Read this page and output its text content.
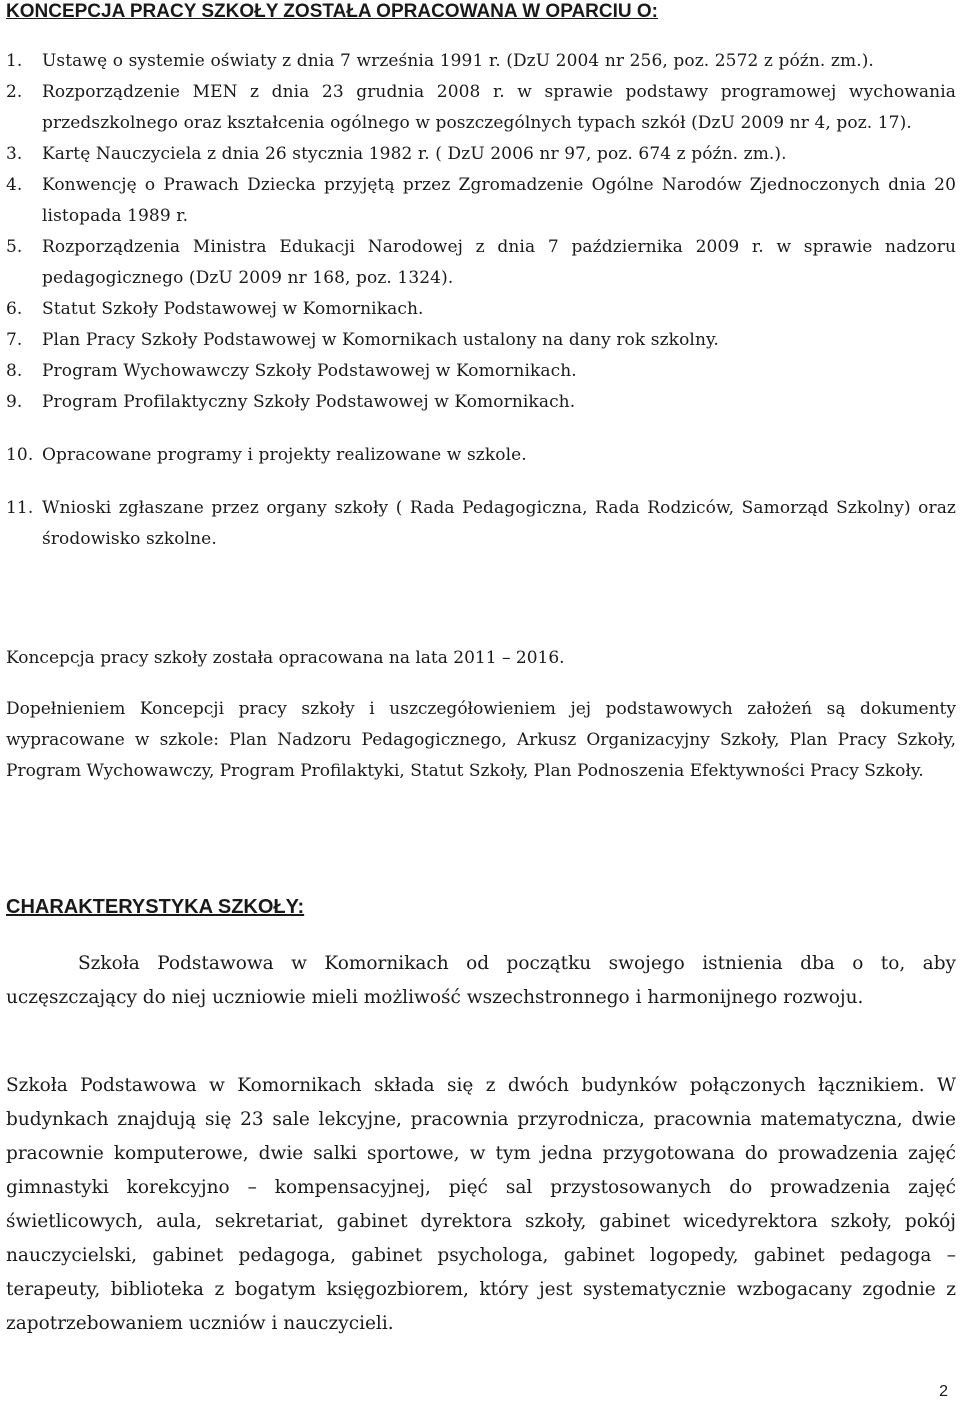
KONCEPCJA PRACY SZKOŁY ZOSTAŁA OPRACOWANA W OPARCIU O:
1.	Ustawę o systemie oświaty z dnia 7 września 1991 r. (DzU 2004 nr 256, poz. 2572 z późn. zm.).
2.	Rozporządzenie MEN z dnia 23 grudnia 2008 r. w sprawie podstawy programowej wychowania przedszkolnego oraz kształcenia ogólnego w poszczególnych typach szkół (DzU 2009 nr 4, poz. 17).
3.	Kartę Nauczyciela z dnia 26 stycznia 1982 r. ( DzU 2006 nr 97, poz. 674 z późn. zm.).
4.	Konwencję o Prawach Dziecka przyjętą przez Zgromadzenie Ogólne Narodów Zjednoczonych dnia 20 listopada 1989 r.
5.	Rozporządzenia Ministra Edukacji Narodowej z dnia 7 października 2009 r. w sprawie nadzoru pedagogicznego (DzU 2009 nr 168, poz. 1324).
6.	Statut Szkoły Podstawowej w Komornikach.
7.	Plan Pracy Szkoły Podstawowej w Komornikach ustalony na dany rok szkolny.
8.	Program Wychowawczy Szkoły Podstawowej w Komornikach.
9.	Program Profilaktyczny Szkoły Podstawowej w Komornikach.
10. Opracowane programy i projekty realizowane w szkole.
11. Wnioski zgłaszane przez organy szkoły ( Rada Pedagogiczna, Rada Rodziców, Samorząd Szkolny) oraz środowisko szkolne.

Koncepcja pracy szkoły została opracowana na lata 2011 – 2016.

Dopełnieniem Koncepcji pracy szkoły i uszczegółowieniem jej podstawowych założeń są dokumenty wypracowane w szkole: Plan Nadzoru Pedagogicznego, Arkusz Organizacyjny Szkoły, Plan Pracy Szkoły, Program Wychowawczy, Program Profilaktyki, Statut Szkoły, Plan Podnoszenia Efektywności Pracy Szkoły.

CHARAKTERYSTYKA SZKOŁY:

Szkoła Podstawowa w Komornikach od początku swojego istnienia dba o to, aby uczęszczający do niej uczniowie mieli możliwość wszechstronnego i harmonijnego rozwoju.

Szkoła Podstawowa w Komornikach składa się z dwóch budynków połączonych łącznikiem. W budynkach znajdują się 23 sale lekcyjne, pracownia przyrodnicza, pracownia matematyczna, dwie pracownie komputerowe, dwie salki sportowe, w tym jedna przygotowana do prowadzenia zajęć gimnastyki korekcyjno – kompensacyjnej, pięć sal przystosowanych do prowadzenia zajęć świetlicowych, aula, sekretariat, gabinet dyrektora szkoły, gabinet wicedyrektora szkoły, pokój nauczycielski, gabinet pedagoga, gabinet psychologa, gabinet logopedy, gabinet pedagoga – terapeuty, biblioteka z bogatym księgozbiorem, który jest systematycznie wzbogacany zgodnie z zapotrzebowaniem uczniów i nauczycieli.

2
